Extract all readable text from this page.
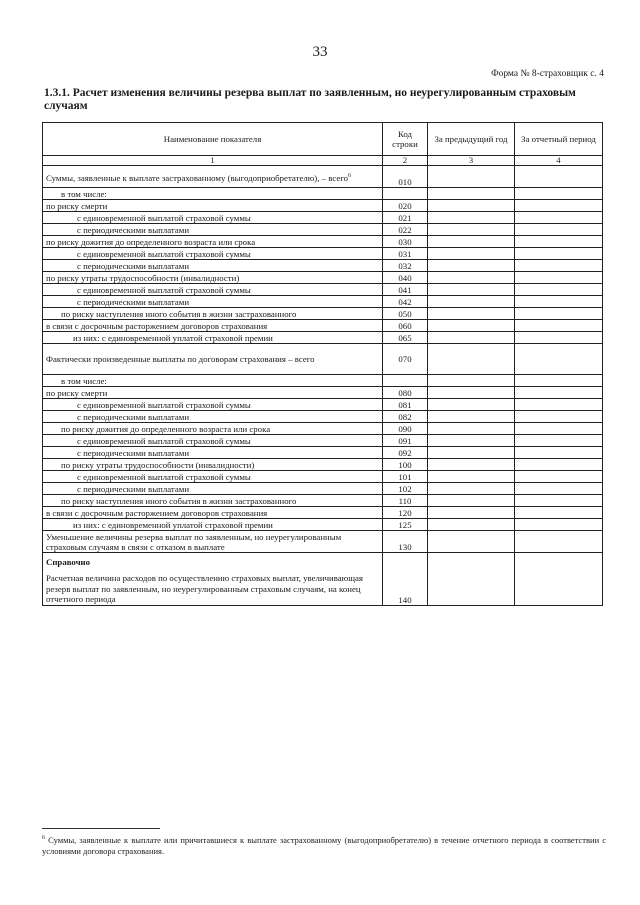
33
Форма № 8-страховщик с. 4
1.3.1. Расчет изменения величины резерва выплат по заявленным, но неурегулированным страховым случаям
Наименование показателя	Код строки	За предыдущий год	За отчетный период
1	2	3	4
Суммы, заявленные к выплате застрахованному (выгодоприобретателю), – всего$^6$	010		
в том числе:			
по риску смерти	020		
с единовременной выплатой страховой суммы	021		
с периодическими выплатами	022		
по риску дожития до определенного возраста или срока	030		
с единовременной выплатой страховой суммы	031		
с периодическими выплатами	032		
по риску утраты трудоспособности (инвалидности)	040		
с единовременной выплатой страховой суммы	041		
с периодическими выплатами	042		
по риску наступления иного события в жизни застрахованного	050		
в связи с досрочным расторжением договоров страхования	060		
из них: с единовременной уплатой страховой премии	065		
Фактически произведенные выплаты по договорам страхования – всего	070		
в том числе:			
по риску смерти	080		
с единовременной выплатой страховой суммы	081		
с периодическими выплатами	082		
по риску дожития до определенного возраста или срока	090		
с единовременной выплатой страховой суммы	091		
с периодическими выплатами	092		
по риску утраты трудоспособности (инвалидности)	100		
с единовременной выплатой страховой суммы	101		
с периодическими выплатами	102		
по риску наступления иного события в жизни застрахованного	110		
в связи с досрочным расторжением договоров страхования	120		
из них: с единовременной уплатой страховой премии	125		
Уменьшение величины резерва выплат по заявленным, но неурегулированным страховым случаям в связи с отказом в выплате	130		

Справочно
Расчетная величина расходов по осуществлению страховых выплат, увеличивающая резерв выплат по заявленным, но неурегулированным страховым случаям, на конец отчетного периода	140		
$^6$ Суммы, заявленные к выплате или причитавшиеся к выплате застрахованному (выгодоприобретателю) в течение отчетного периода в соответствии с условиями договора страхования.
